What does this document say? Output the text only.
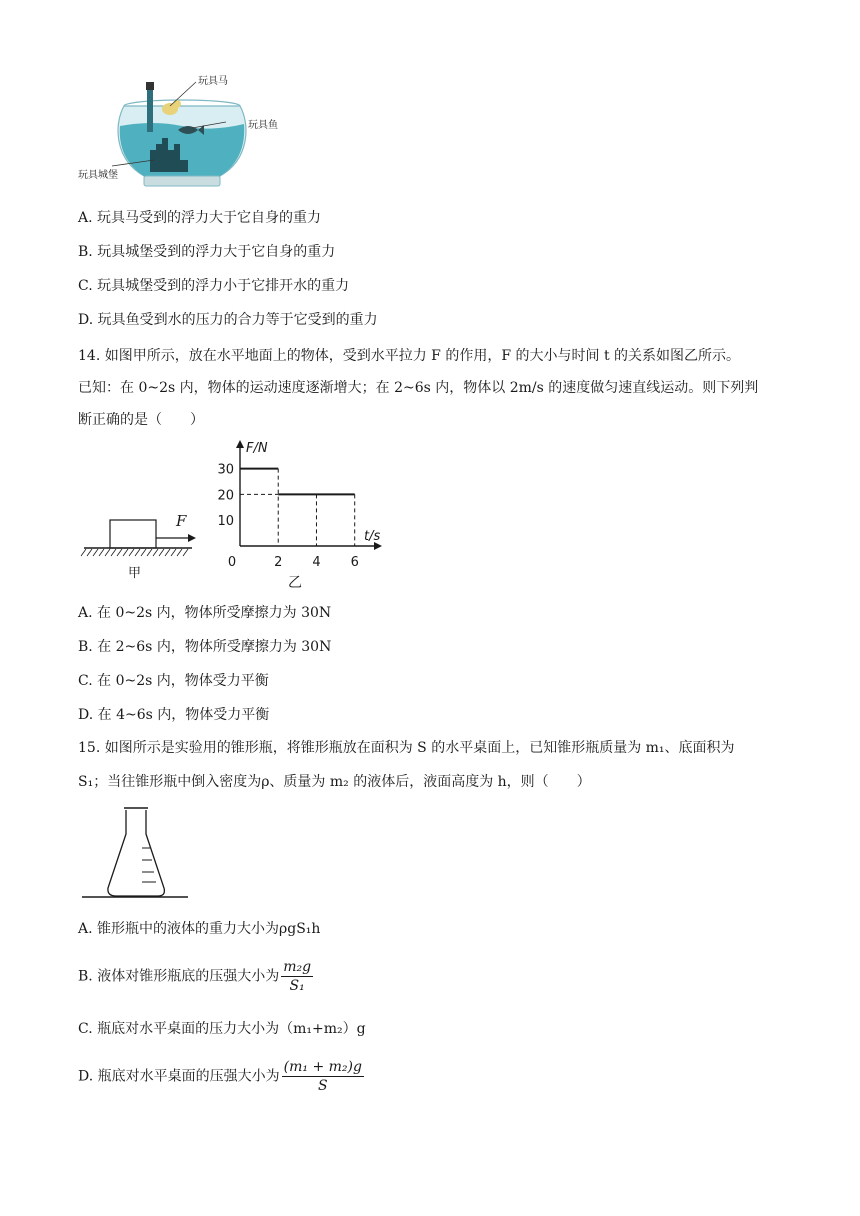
玩具马
玩具鱼
玩具城堡
A. 玩具马受到的浮力大于它自身的重力
B. 玩具城堡受到的浮力大于它自身的重力
C. 玩具城堡受到的浮力小于它排开水的重力
D. 玩具鱼受到水的压力的合力等于它受到的重力
14. 如图甲所示，放在水平地面上的物体，受到水平拉力 F 的作用，F 的大小与时间 t 的关系如图乙所示。
已知：在 0~2s 内，物体的运动速度逐渐增大；在 2~6s 内，物体以 2m/s 的速度做匀速直线运动。则下列判
断正确的是（　　）
F
甲
F/N
t/s
0	2 4 6
10
20
30
乙
A. 在 0~2s 内，物体所受摩擦力为 30N
B. 在 2~6s 内，物体所受摩擦力为 30N
C. 在 0~2s 内，物体受力平衡
D. 在 4~6s 内，物体受力平衡
15. 如图所示是实验用的锥形瓶，将锥形瓶放在面积为 S 的水平桌面上，已知锥形瓶质量为 m₁、底面积为
S₁；当往锥形瓶中倒入密度为ρ、质量为 m₂ 的液体后，液面高度为 h，则（　　）
A. 锥形瓶中的液体的重力大小为ρgS₁h
B. 液体对锥形瓶底的压强大小为 $\frac{\text{m₂g}}{\text{S₁}}$
C. 瓶底对水平桌面的压力大小为（m₁+m₂）g
D. 瓶底对水平桌面的压强大小为 $\frac{\text{(m₁ + m₂)g}}{S}$
